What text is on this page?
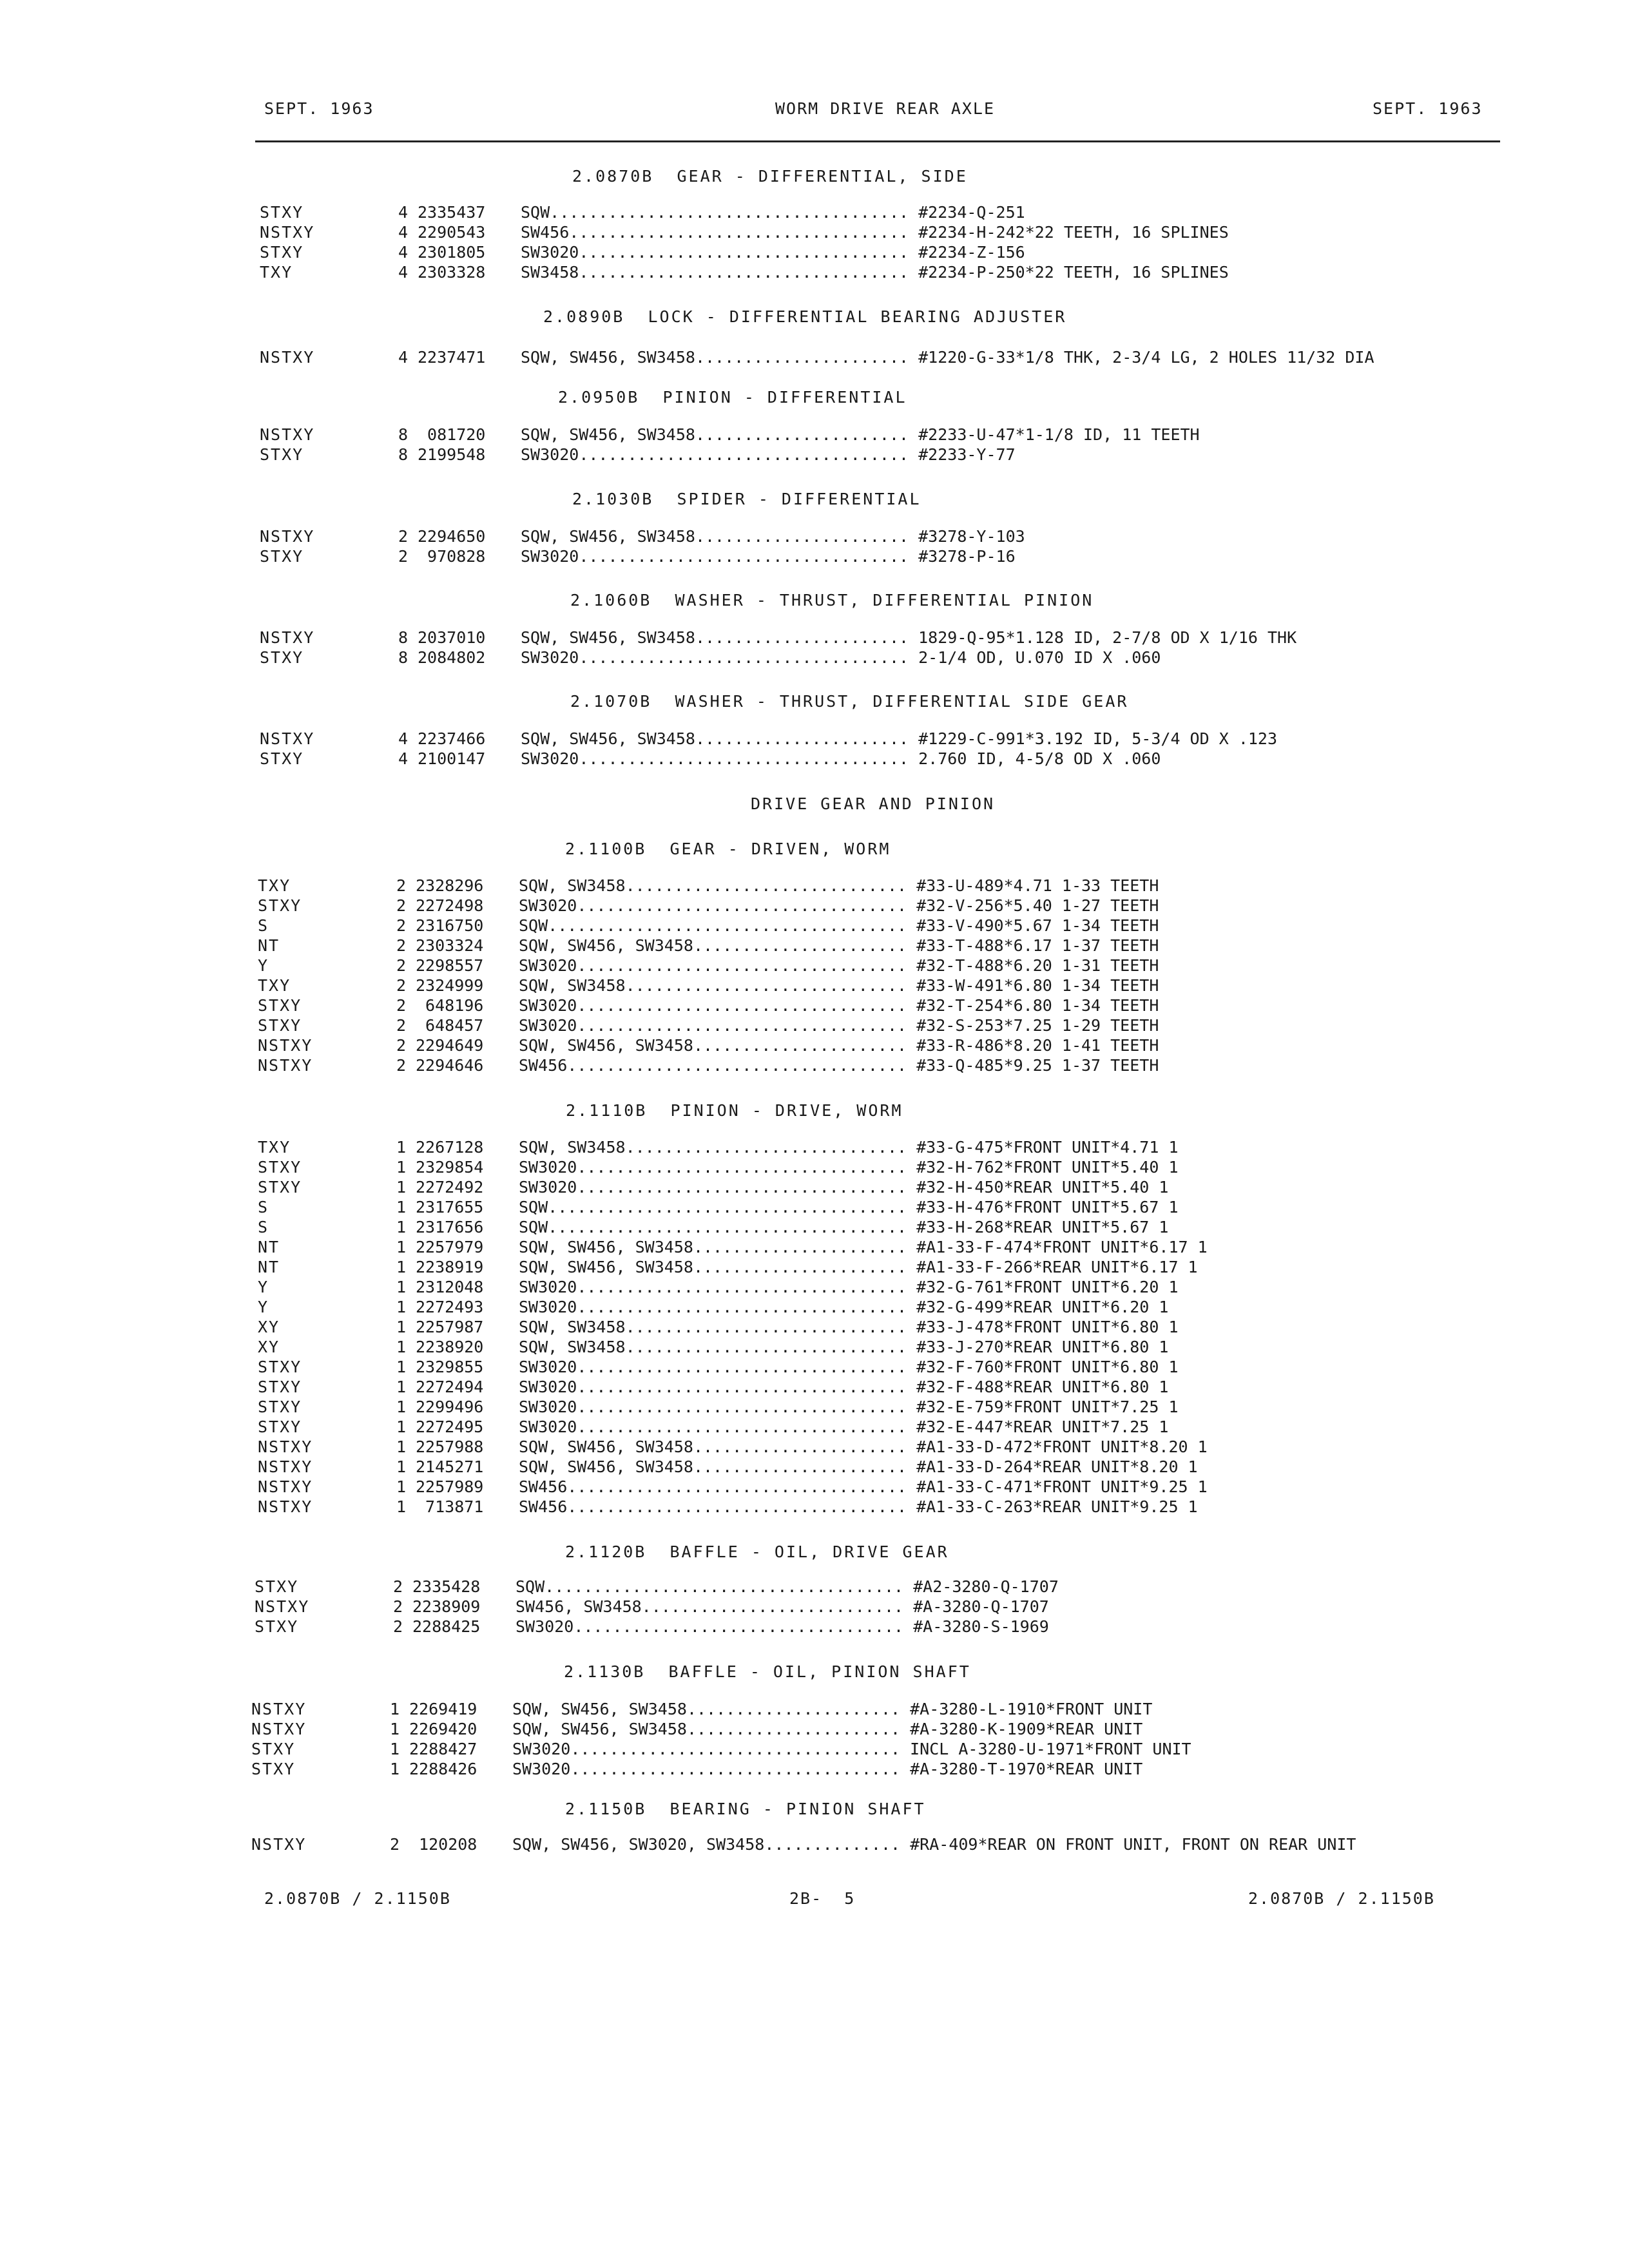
SEPT. 1963	WORM DRIVE REAR AXLE	SEPT. 1963
2.0870B  GEAR - DIFFERENTIAL, SIDE
STXY	4 2335437 SQW..................................... #2234-Q-251
NSTXY	4 2290543 SW456................................... #2234-H-242*22 TEETH, 16 SPLINES
STXY	4 2301805 SW3020.................................. #2234-Z-156
TXY	4 2303328 SW3458.................................. #2234-P-250*22 TEETH, 16 SPLINES
2.0890B  LOCK - DIFFERENTIAL BEARING ADJUSTER
NSTXY	4 2237471 SQW, SW456, SW3458...................... #1220-G-33*1/8 THK, 2-3/4 LG, 2 HOLES 11/32 DIA
2.0950B  PINION - DIFFERENTIAL
NSTXY	8 081720 SQW, SW456, SW3458...................... #2233-U-47*1-1/8 ID, 11 TEETH
STXY	8 2199548 SW3020.................................. #2233-Y-77
2.1030B  SPIDER - DIFFERENTIAL
NSTXY	2 2294650 SQW, SW456, SW3458...................... #3278-Y-103
STXY	2 970828 SW3020.................................. #3278-P-16
2.1060B  WASHER - THRUST, DIFFERENTIAL PINION
NSTXY	8 2037010 SQW, SW456, SW3458...................... 1829-Q-95*1.128 ID, 2-7/8 OD X 1/16 THK
STXY	8 2084802 SW3020.................................. 2-1/4 OD, U.070 ID X .060
2.1070B  WASHER - THRUST, DIFFERENTIAL SIDE GEAR
NSTXY	4 2237466 SQW, SW456, SW3458...................... #1229-C-991*3.192 ID, 5-3/4 OD X .123
STXY	4 2100147 SW3020.................................. 2.760 ID, 4-5/8 OD X .060
2.1100B  GEAR - DRIVEN, WORM
TXY	2 2328296 SQW, SW3458............................. #33-U-489*4.71 1-33 TEETH
STXY	2 2272498 SW3020.................................. #32-V-256*5.40 1-27 TEETH
S	2 2316750 SQW..................................... #33-V-490*5.67 1-34 TEETH
NT	2 2303324 SQW, SW456, SW3458...................... #33-T-488*6.17 1-37 TEETH
Y	2 2298557 SW3020.................................. #32-T-488*6.20 1-31 TEETH
TXY	2 2324999 SQW, SW3458............................. #33-W-491*6.80 1-34 TEETH
STXY	2 648196 SW3020.................................. #32-T-254*6.80 1-34 TEETH
STXY	2 648457 SW3020.................................. #32-S-253*7.25 1-29 TEETH
NSTXY	2 2294649 SQW, SW456, SW3458...................... #33-R-486*8.20 1-41 TEETH
NSTXY	2 2294646 SW456................................... #33-Q-485*9.25 1-37 TEETH
2.1110B  PINION - DRIVE, WORM
TXY	1 2267128 SQW, SW3458............................. #33-G-475*FRONT UNIT*4.71 1
STXY	1 2329854 SW3020.................................. #32-H-762*FRONT UNIT*5.40 1
STXY	1 2272492 SW3020.................................. #32-H-450*REAR UNIT*5.40 1
S	1 2317655 SQW..................................... #33-H-476*FRONT UNIT*5.67 1
S	1 2317656 SQW..................................... #33-H-268*REAR UNIT*5.67 1
NT	1 2257979 SQW, SW456, SW3458...................... #A1-33-F-474*FRONT UNIT*6.17 1
NT	1 2238919 SQW, SW456, SW3458...................... #A1-33-F-266*REAR UNIT*6.17 1
Y	1 2312048 SW3020.................................. #32-G-761*FRONT UNIT*6.20 1
Y	1 2272493 SW3020.................................. #32-G-499*REAR UNIT*6.20 1
XY	1 2257987 SQW, SW3458............................. #33-J-478*FRONT UNIT*6.80 1
XY	1 2238920 SQW, SW3458............................. #33-J-270*REAR UNIT*6.80 1
STXY	1 2329855 SW3020.................................. #32-F-760*FRONT UNIT*6.80 1
STXY	1 2272494 SW3020.................................. #32-F-488*REAR UNIT*6.80 1
STXY	1 2299496 SW3020.................................. #32-E-759*FRONT UNIT*7.25 1
STXY	1 2272495 SW3020.................................. #32-E-447*REAR UNIT*7.25 1
NSTXY	1 2257988 SQW, SW456, SW3458...................... #A1-33-D-472*FRONT UNIT*8.20 1
NSTXY	1 2145271 SQW, SW456, SW3458...................... #A1-33-D-264*REAR UNIT*8.20 1
NSTXY	1 2257989 SW456................................... #A1-33-C-471*FRONT UNIT*9.25 1
NSTXY	1 713871 SW456................................... #A1-33-C-263*REAR UNIT*9.25 1
2.1120B  BAFFLE - OIL, DRIVE GEAR
STXY	2 2335428 SQW..................................... #A2-3280-Q-1707
NSTXY	2 2238909 SW456, SW3458........................... #A-3280-Q-1707
STXY	2 2288425 SW3020.................................. #A-3280-S-1969
2.1130B  BAFFLE - OIL, PINION SHAFT
NSTXY	1 2269419 SQW, SW456, SW3458...................... #A-3280-L-1910*FRONT UNIT
NSTXY	1 2269420 SQW, SW456, SW3458...................... #A-3280-K-1909*REAR UNIT
STXY	1 2288427 SW3020.................................. INCL A-3280-U-1971*FRONT UNIT
STXY	1 2288426 SW3020.................................. #A-3280-T-1970*REAR UNIT
2.1150B  BEARING - PINION SHAFT
NSTXY	2 120208 SQW, SW456, SW3020, SW3458.............. #RA-409*REAR ON FRONT UNIT, FRONT ON REAR UNIT
DRIVE GEAR AND PINION
2.0870B / 2.1150B	2B-  5	2.0870B / 2.1150B
